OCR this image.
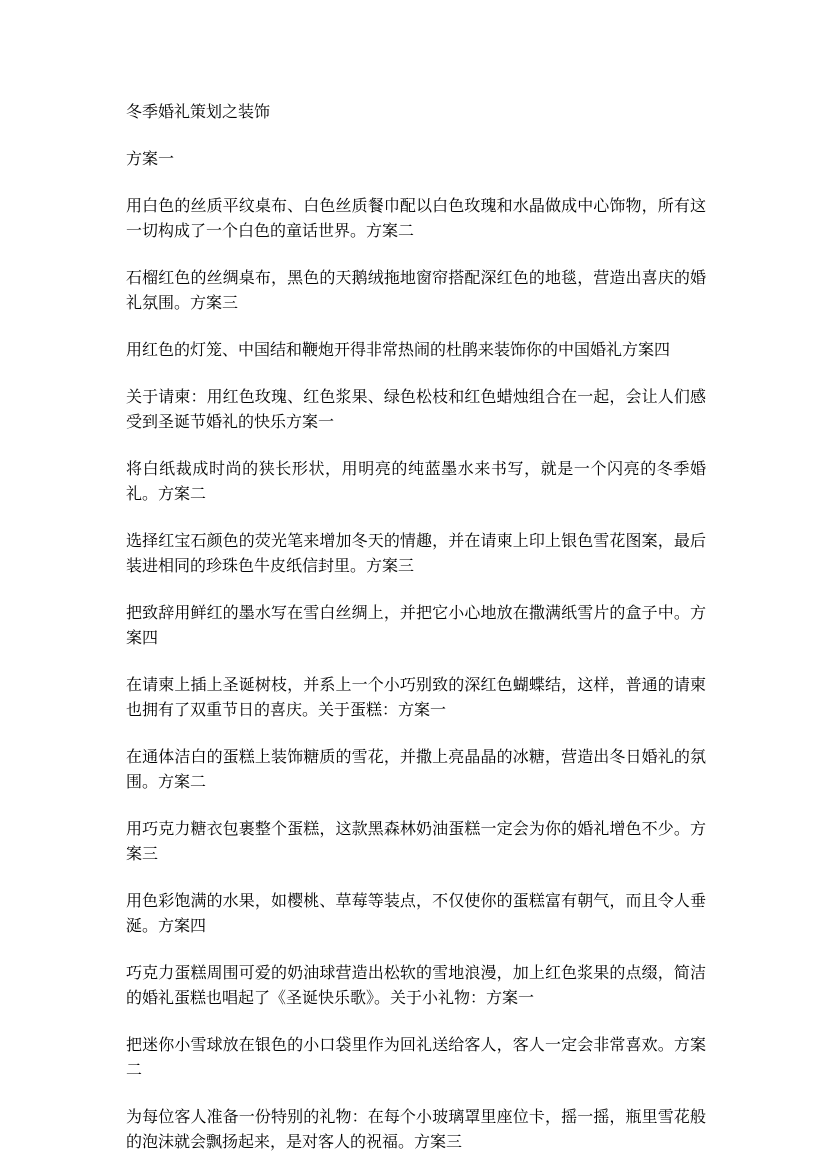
冬季婚礼策划之装饰

方案一

用白色的丝质平纹桌布、白色丝质餐巾配以白色玫瑰和水晶做成中心饰物，所有这一切构成了一个白色的童话世界。方案二

石榴红色的丝绸桌布，黑色的天鹅绒拖地窗帘搭配深红色的地毯，营造出喜庆的婚礼氛围。方案三

用红色的灯笼、中国结和鞭炮开得非常热闹的杜鹃来装饰你的中国婚礼方案四

关于请柬：用红色玫瑰、红色浆果、绿色松枝和红色蜡烛组合在一起，会让人们感受到圣诞节婚礼的快乐方案一

将白纸裁成时尚的狭长形状，用明亮的纯蓝墨水来书写，就是一个闪亮的冬季婚礼。方案二

选择红宝石颜色的荧光笔来增加冬天的情趣，并在请柬上印上银色雪花图案，最后装进相同的珍珠色牛皮纸信封里。方案三

把致辞用鲜红的墨水写在雪白丝绸上，并把它小心地放在撒满纸雪片的盒子中。方案四

在请柬上插上圣诞树枝，并系上一个小巧别致的深红色蝴蝶结，这样，普通的请柬也拥有了双重节日的喜庆。关于蛋糕：方案一

在通体洁白的蛋糕上装饰糖质的雪花，并撒上亮晶晶的冰糖，营造出冬日婚礼的氛围。方案二

用巧克力糖衣包裹整个蛋糕，这款黑森林奶油蛋糕一定会为你的婚礼增色不少。方案三

用色彩饱满的水果，如樱桃、草莓等装点，不仅使你的蛋糕富有朝气，而且令人垂涎。方案四

巧克力蛋糕周围可爱的奶油球营造出松软的雪地浪漫，加上红色浆果的点缀，简洁的婚礼蛋糕也唱起了《圣诞快乐歌》。关于小礼物：方案一

把迷你小雪球放在银色的小口袋里作为回礼送给客人，客人一定会非常喜欢。方案二

为每位客人准备一份特别的礼物：在每个小玻璃罩里座位卡，摇一摇，瓶里雪花般的泡沫就会飘扬起来，是对客人的祝福。方案三
